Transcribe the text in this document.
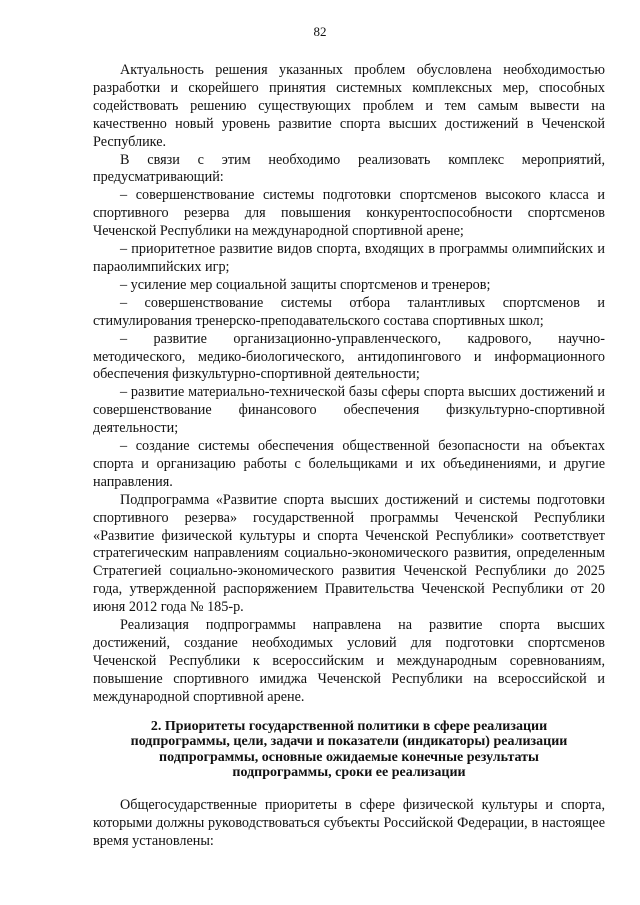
82

Актуальность решения указанных проблем обусловлена необходимостью разработки и скорейшего принятия системных комплексных мер, способных содействовать решению существующих проблем и тем самым вывести на качественно новый уровень развитие спорта высших достижений в Чеченской Республике.

В связи с этим необходимо реализовать комплекс мероприятий, предусматривающий:

– совершенствование системы подготовки спортсменов высокого класса и спортивного резерва для повышения конкурентоспособности спортсменов Чеченской Республики на международной спортивной арене;

– приоритетное развитие видов спорта, входящих в программы олимпийских и параолимпийских игр;

– усиление мер социальной защиты спортсменов и тренеров;

– совершенствование системы отбора талантливых спортсменов и стимулирования тренерско-преподавательского состава спортивных школ;

– развитие организационно-управленческого, кадрового, научно-методического, медико-биологического, антидопингового и информационного обеспечения физкультурно-спортивной деятельности;

– развитие материально-технической базы сферы спорта высших достижений и совершенствование финансового обеспечения физкультурно-спортивной деятельности;

– создание системы обеспечения общественной безопасности на объектах спорта и организацию работы с болельщиками и их объединениями, и другие направления.

Подпрограмма «Развитие спорта высших достижений и системы подготовки спортивного резерва» государственной программы Чеченской Республики «Развитие физической культуры и спорта Чеченской Республики» соответствует стратегическим направлениям социально-экономического развития, определенным Стратегией социально-экономического развития Чеченской Республики до 2025 года, утвержденной распоряжением Правительства Чеченской Республики от 20 июня 2012 года № 185-р.

Реализация подпрограммы направлена на развитие спорта высших достижений, создание необходимых условий для подготовки спортсменов Чеченской Республики к всероссийским и международным соревнованиям, повышение спортивного имиджа Чеченской Республики на всероссийской и международной спортивной арене.

2. Приоритеты государственной политики в сфере реализации
подпрограммы, цели, задачи и показатели (индикаторы) реализации
подпрограммы, основные ожидаемые конечные результаты
подпрограммы, сроки ее реализации

Общегосударственные приоритеты в сфере физической культуры и спорта, которыми должны руководствоваться субъекты Российской Федерации, в настоящее время установлены:
